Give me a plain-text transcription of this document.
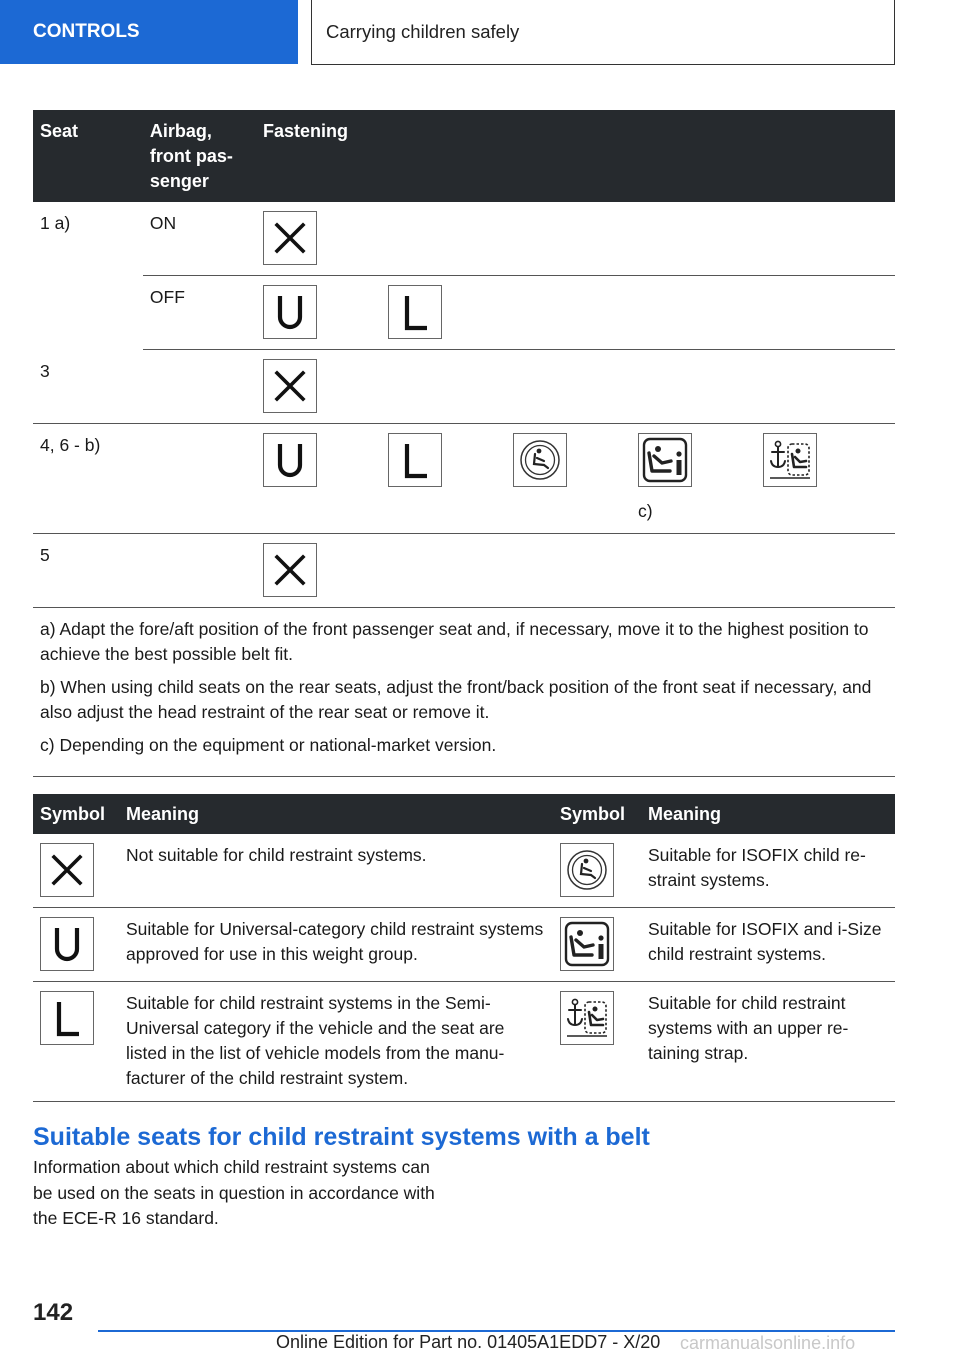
CONTROLS	Carrying children safely
Seat	Airbag, front passenger	Fastening
1 a)	ON	

	OFF	

3		

4, 6 - b)		c)

5		

a) Adapt the fore/aft position of the front passenger seat and, if necessary, move it to the highest position to achieve the best possible belt fit.

b) When using child seats on the rear seats, adjust the front/back position of the front seat if necessary, and also adjust the head restraint of the rear seat or remove it.

c) Depending on the equipment or national-market version.		

Symbol	Meaning	Symbol	Meaning

	Not suitable for child restraint systems.		Suitable for ISOFIX child restraint systems.

	Suitable for Universal-category child restraint systems approved for use in this weight group.		Suitable for ISOFIX and i-Size child restraint systems.

	Suitable for child restraint systems in the Semi-Universal category if the vehicle and the seat are listed in the list of vehicle models from the manufacturer of the child restraint system.		Suitable for child restraint systems with an upper retaining strap.
Suitable seats for child restraint systems with a belt

Information about which child restraint systems can be used on the seats in question in accordance with the ECE-R 16 standard.

142
Online Edition for Part no. 01405A1EDD7 - X/20 carmanualsonline.info
